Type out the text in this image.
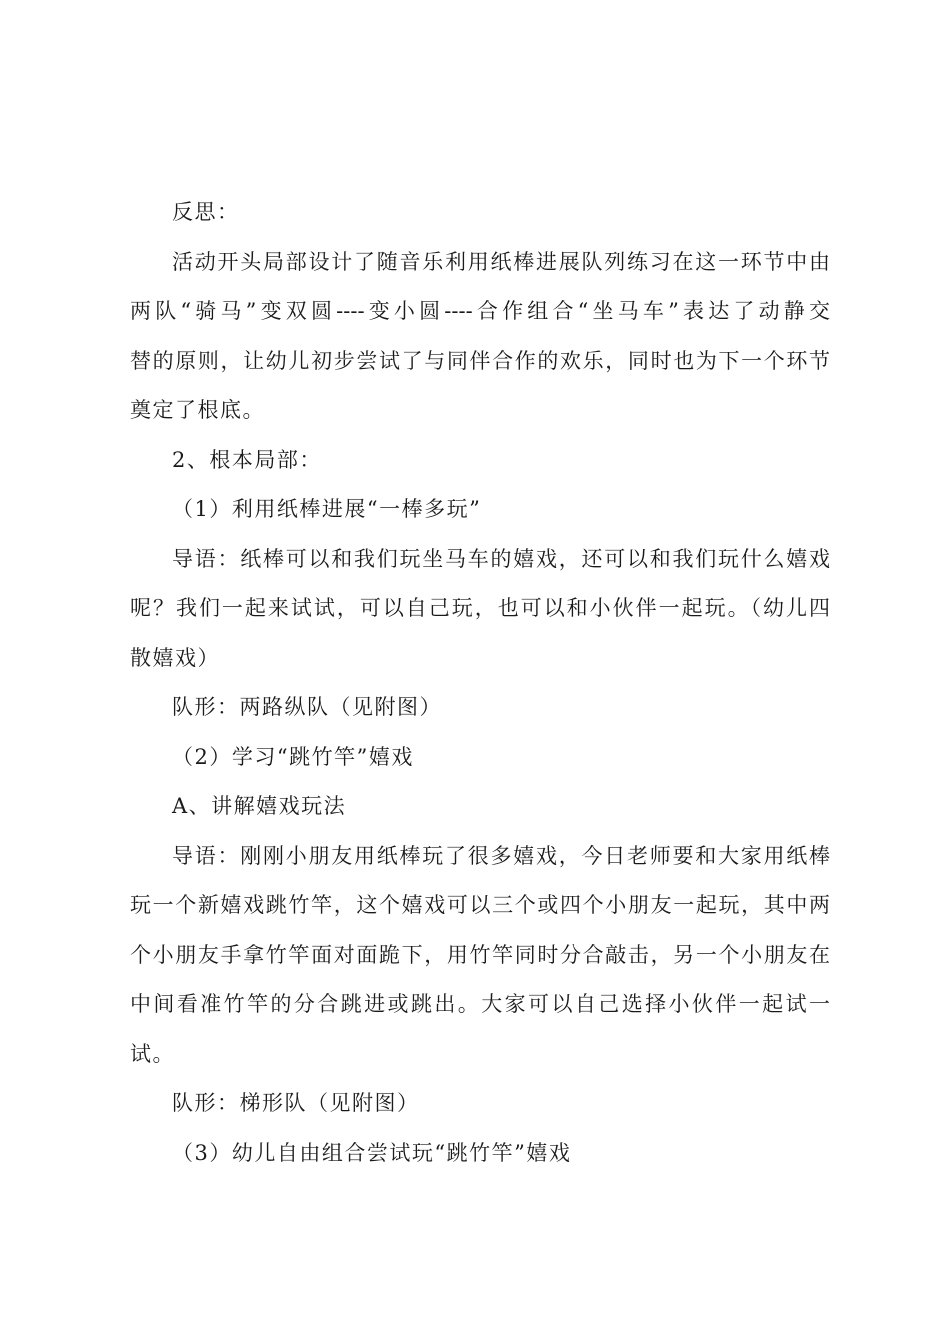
反思：
活动开头局部设计了随音乐利用纸棒进展队列练习在这一环节中由
两队“骑马”变双圆----变小圆----合作组合“坐马车”表达了动静交
替的原则，让幼儿初步尝试了与同伴合作的欢乐，同时也为下一个环节
奠定了根底。
2、根本局部：
（1）利用纸棒进展“一棒多玩”
导语：纸棒可以和我们玩坐马车的嬉戏，还可以和我们玩什么嬉戏
呢？我们一起来试试，可以自己玩，也可以和小伙伴一起玩。（幼儿四
散嬉戏）
队形：两路纵队（见附图）
（2）学习“跳竹竿”嬉戏
A、讲解嬉戏玩法
导语：刚刚小朋友用纸棒玩了很多嬉戏，今日老师要和大家用纸棒
玩一个新嬉戏跳竹竿，这个嬉戏可以三个或四个小朋友一起玩，其中两
个小朋友手拿竹竿面对面跪下，用竹竿同时分合敲击，另一个小朋友在
中间看准竹竿的分合跳进或跳出。大家可以自己选择小伙伴一起试一
试。
队形：梯形队（见附图）
（3）幼儿自由组合尝试玩“跳竹竿”嬉戏
